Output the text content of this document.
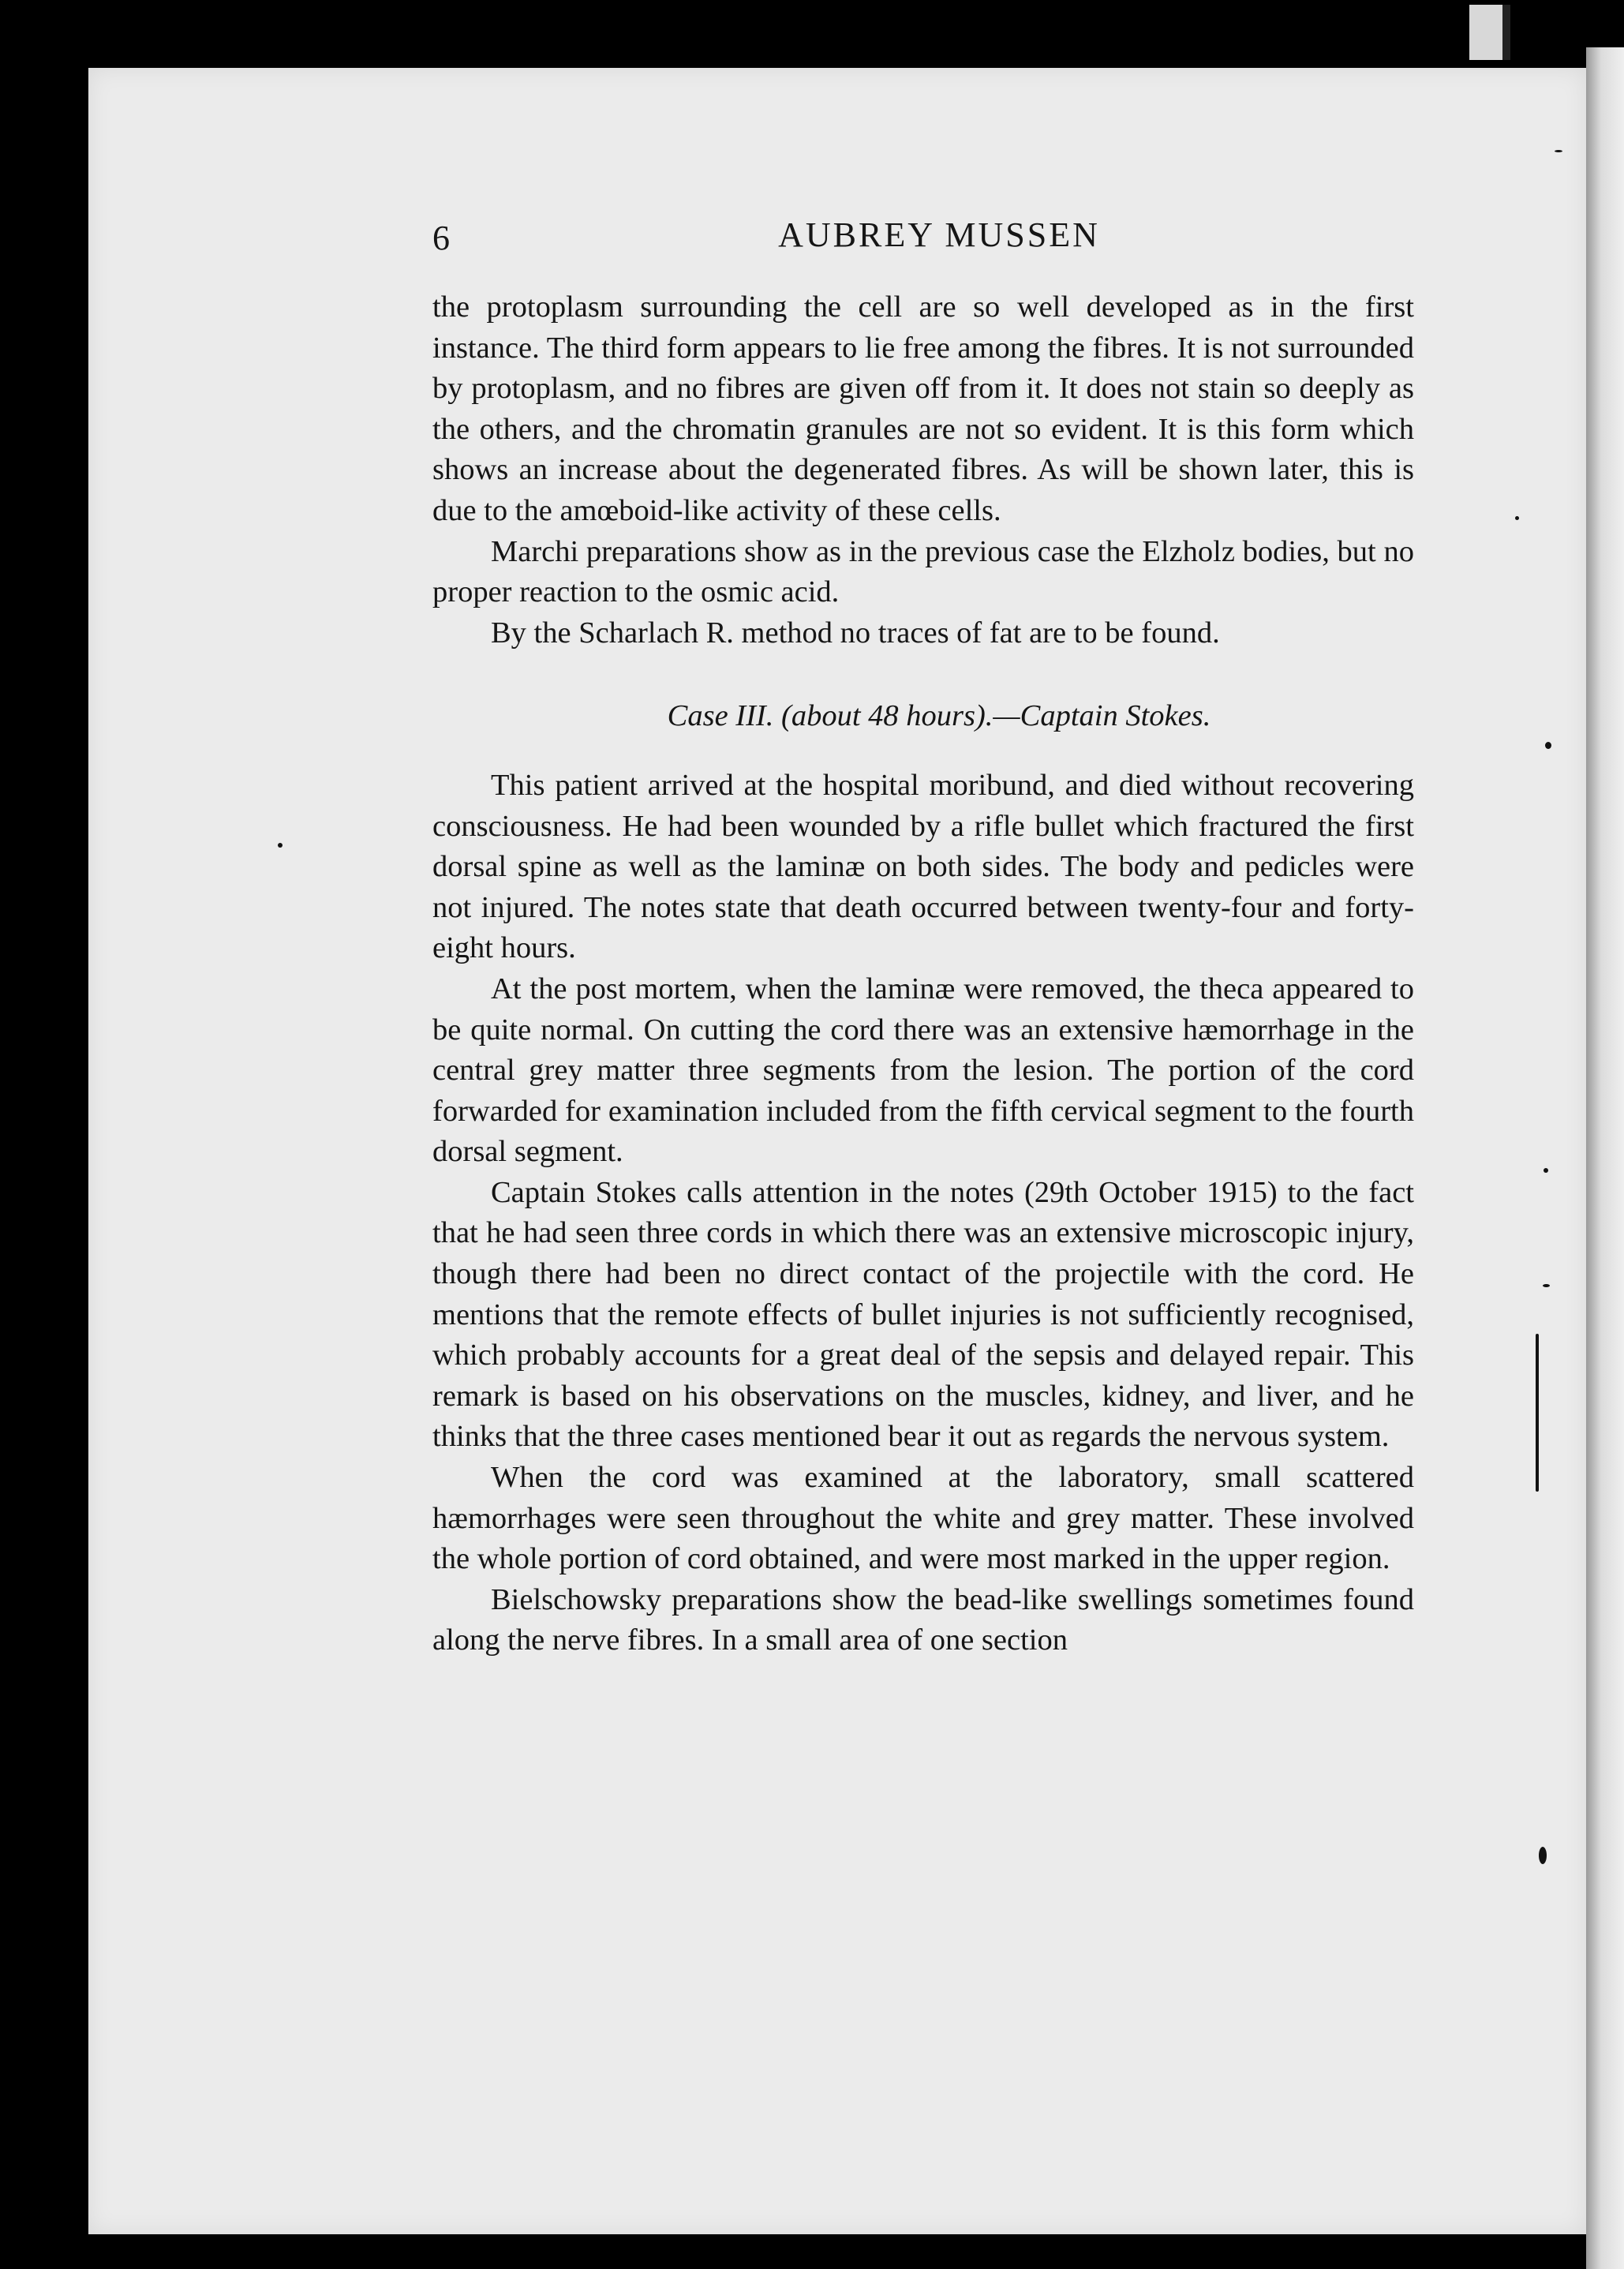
6	AUBREY MUSSEN

the protoplasm surrounding the cell are so well developed as in the first instance. The third form appears to lie free among the fibres. It is not surrounded by protoplasm, and no fibres are given off from it. It does not stain so deeply as the others, and the chromatin granules are not so evident. It is this form which shows an increase about the degenerated fibres. As will be shown later, this is due to the amœboid-like activity of these cells.

Marchi preparations show as in the previous case the Elzholz bodies, but no proper reaction to the osmic acid.

By the Scharlach R. method no traces of fat are to be found.

Case III. (about 48 hours).—Captain Stokes.

This patient arrived at the hospital moribund, and died without recovering consciousness. He had been wounded by a rifle bullet which fractured the first dorsal spine as well as the laminæ on both sides. The body and pedicles were not injured. The notes state that death occurred between twenty-four and forty-eight hours.

At the post mortem, when the laminæ were removed, the theca appeared to be quite normal. On cutting the cord there was an extensive hæmorrhage in the central grey matter three segments from the lesion. The portion of the cord forwarded for examination included from the fifth cervical segment to the fourth dorsal segment.

Captain Stokes calls attention in the notes (29th October 1915) to the fact that he had seen three cords in which there was an extensive microscopic injury, though there had been no direct contact of the projectile with the cord. He mentions that the remote effects of bullet injuries is not sufficiently recognised, which probably accounts for a great deal of the sepsis and delayed repair. This remark is based on his observations on the muscles, kidney, and liver, and he thinks that the three cases mentioned bear it out as regards the nervous system.

When the cord was examined at the laboratory, small scattered hæmorrhages were seen throughout the white and grey matter. These involved the whole portion of cord obtained, and were most marked in the upper region.

Bielschowsky preparations show the bead-like swellings sometimes found along the nerve fibres. In a small area of one section
